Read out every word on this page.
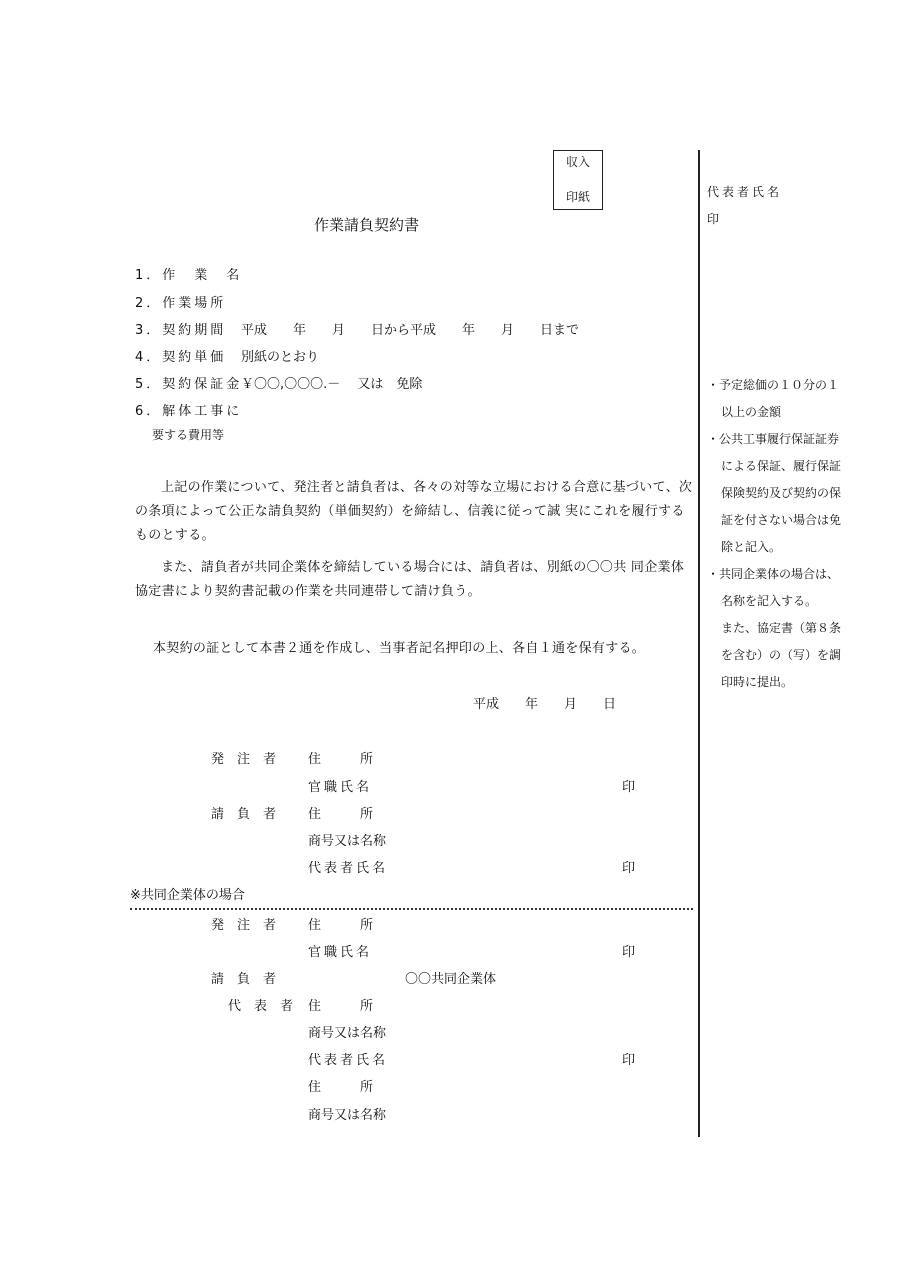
収入
印紙
作業請負契約書
1．作　業　名
2．作業場所
3．契約期間 平成　　年　　月　　日から平成　　年　　月　　日まで
4．契約単価 別紙のとおり
5．契約保証金
￥〇〇,〇〇〇.－　 又は　免除
6．解体工事に
要する費用等
上記の作業について、発注者と請負者は、各々の対等な立場における合意に基づいて、次の条項によって公正な請負契約（単価契約）を締結し、信義に従って誠 実にこれを履行するものとする。
また、請負者が共同企業体を締結している場合には、請負者は、別紙の〇〇共 同企業体協定書により契約書記載の作業を共同連帯して請け負う。
本契約の証として本書２通を作成し、当事者記名押印の上、各自１通を保有する。
平成　　年　　月　　日
発　注　者 住　　　所
官職氏名	印
請　負　者 住　　　所
商号又は名称
代表者氏名	印
※共同企業体の場合
発　注　者 住　　　所
官職氏名	印
請　負　者	〇〇共同企業体
代　表　者 住　　　所
商号又は名称
代表者氏名	印
住　　　所
商号又は名称
代表者氏名
印
・予定総価の１０分の１
以上の金額
・公共工事履行保証証券
による保証、履行保証
保険契約及び契約の保
証を付さない場合は免
除と記入。
・共同企業体の場合は、
名称を記入する。
また、協定書（第８条
を含む）の（写）を調
印時に提出。
